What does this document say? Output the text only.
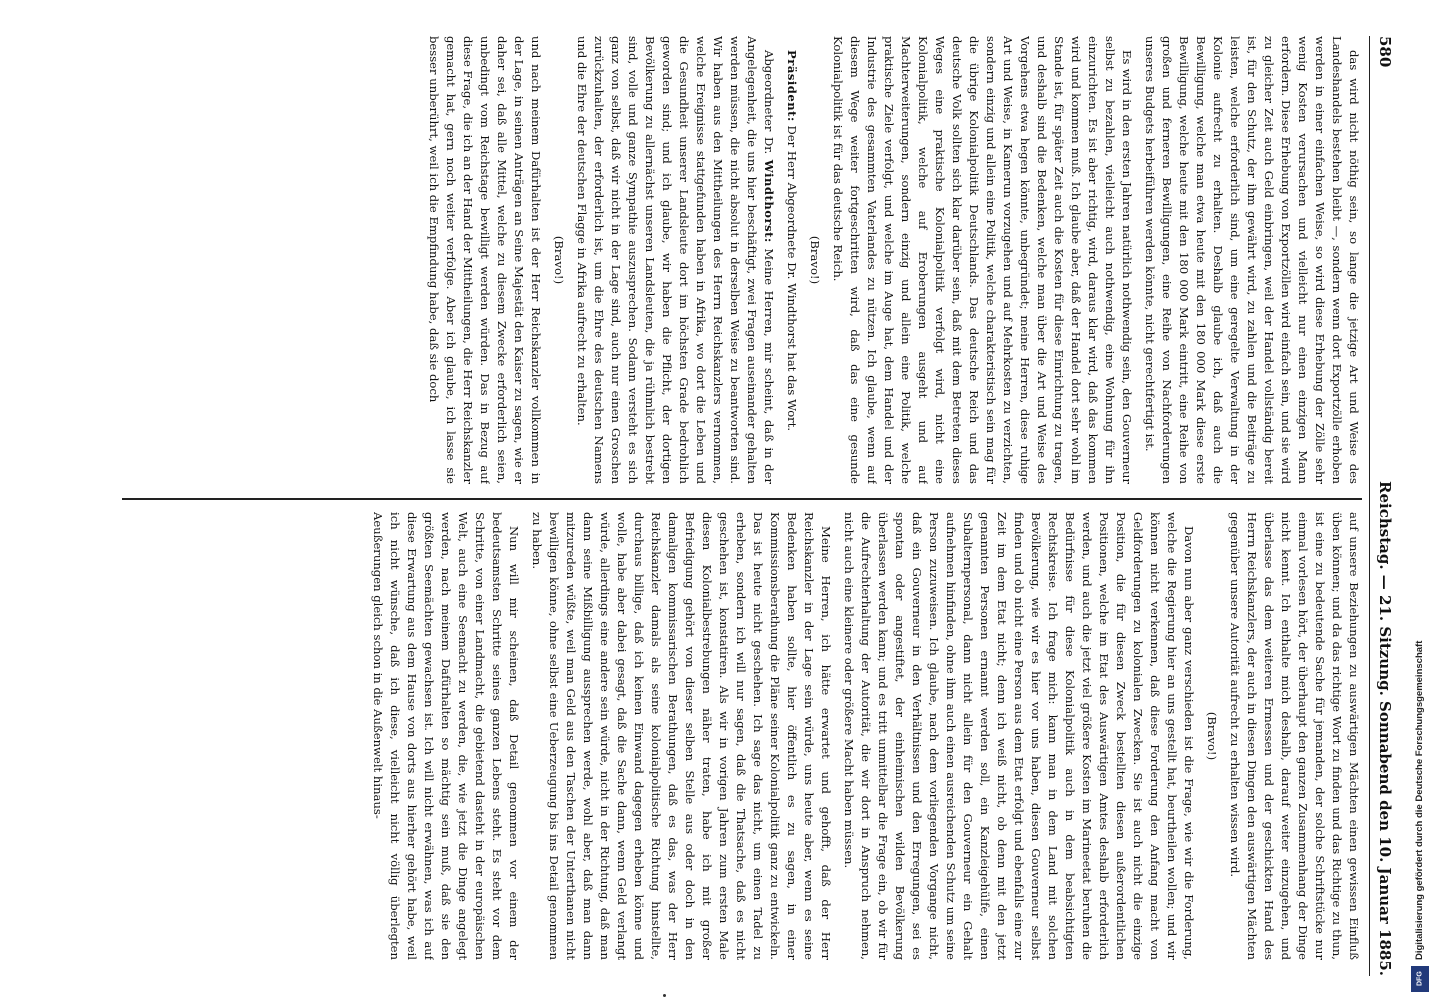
580
Reichstag. — 21. Sitzung. Sonnabend den 10. Januar 1885.

das wird nicht nöthig sein, so lange die jetzige Art und Weise des Landeshandels bestehen bleibt —, sondern wenn dort Exportzölle erhoben werden in einer einfachen Weise, so wird diese Erhebung der Zölle sehr wenig Kosten verursachen und vielleicht nur einen einzigen Mann erfordern. Diese Erhebung von Exportzöllen wird einfach sein, und sie wird zu gleicher Zeit auch Geld einbringen, weil der Handel vollständig bereit ist, für den Schutz, der ihm gewährt wird, zu zahlen und die Beiträge zu leisten, welche erforderlich sind, um eine geregelte Verwaltung in der Kolonie aufrecht zu erhalten. Deshalb glaube ich, daß auch die Bewilligung, welche man etwa heute mit den 180 000 Mark diese erste Bewilligung, welche heute mit den 180 000 Mark eintritt, eine Reihe von großen und ferneren Bewilligungen, eine Reihe von Nachforderungen unseres Budgets herbeiführen werden könnte, nicht gerechtfertigt ist.

Es wird in den ersten Jahren natürlich nothwendig sein, den Gouverneur selbst zu bezahlen, vielleicht auch nothwendig, eine Wohnung für ihn einzurichten. Es ist aber richtig, wird, daraus klar wird, daß das kommen wird und kommen muß. Ich glaube aber, daß der Handel dort sehr wohl im Stande ist, für später Zeit auch die Kosten für diese Einrichtung zu tragen, und deshalb sind die Bedenken, welche man über die Art und Weise des Vorgehens etwa hegen könnte, unbegründet; meine Herren, diese ruhige Art und Weise, in Kamerun vorzugehen und auf Mehrkosten zu verzichten, sondern einzig und allein eine Politik, welche charakteristisch sein mag für die übrige Kolonialpolitik Deutschlands. Das deutsche Reich und das deutsche Volk sollten sich klar darüber sein, daß mit dem Betreten dieses Weges eine praktische Kolonialpolitik verfolgt wird, nicht eine Kolonialpolitik, welche auf Eroberungen ausgeht und auf Machterweiterungen, sondern einzig und allein eine Politik, welche praktische Ziele verfolgt, und welche im Auge hat, dem Handel und der Industrie des gesammten Vaterlandes zu nützen. Ich glaube, wenn auf diesem Wege weiter fortgeschritten wird, daß das eine gesunde Kolonialpolitik ist für das deutsche Reich.

(Bravo!)

Präsident: Der Herr Abgeordnete Dr. Windthorst hat das Wort.

Abgeordneter Dr. Windthorst: Meine Herren, mir scheint, daß in der Angelegenheit, die uns hier beschäftigt, zwei Fragen auseinander gehalten werden müssen, die nicht absolut in derselben Weise zu beantworten sind. Wir haben aus den Mittheilungen des Herrn Reichskanzlers vernommen, welche Ereignisse stattgefunden haben in Afrika, wo dort die Leben und die Gesundheit unserer Landsleute dort im höchsten Grade bedrohlich geworden sind; und ich glaube, wir haben die Pflicht, der dortigen Bevölkerung zu allernächst unseren Landsleuten, die ja rühmlich bestrebt sind, volle und ganze Sympathie auszusprechen. Sodann versteht es sich ganz von selbst, daß wir nicht in der Lage sind, auch nur einen Groschen zurückzuhalten, der erforderlich ist, um die Ehre des deutschen Namens und die Ehre der deutschen Flagge in Afrika aufrecht zu erhalten.

(Bravo!)

und nach meinem Dafürhalten ist der Herr Reichskanzler vollkommen in der Lage, in seinen Anträgen an Seine Majestät den Kaiser zu sagen, wie er daher sei, daß alle Mittel, welche zu diesem Zwecke erforderlich seien, unbedingt vom Reichstage bewilligt werden würden. Das in Bezug auf diese Frage, die ich an der Hand der Mittheilungen, die Herr Reichskanzler gemacht hat, gern noch weiter verfolge. Aber ich glaube, ich lasse sie besser unberührt, weil ich die Empfindung habe, daß sie doch

auf unsere Beziehungen zu auswärtigen Mächten einen gewissen Einfluß üben können; und da das richtige Wort zu finden und das Richtige zu thun, ist eine zu bedeutende Sache für jemanden, der solche Schriftstücke nur einmal vorlesen hört, der überhaupt den ganzen Zusammenhang der Dinge nicht kennt. Ich enthalte mich deshalb, darauf weiter einzugehen, und überlasse das dem weiteren Ermessen und der geschickten Hand des Herrn Reichskanzlers, der auch in diesen Dingen den auswärtigen Mächten gegenüber unsere Autorität aufrecht zu erhalten wissen wird.

(Bravo!)

Davon nun aber ganz verschieden ist die Frage, wie wir die Forderung, welche die Regierung hier an uns gestellt hat, beurtheilen wollen; und wir können nicht verkennen, daß diese Forderung den Anfang macht von Geldforderungen zu kolonialen Zwecken. Sie ist auch nicht die einzige Position, die für diesen Zweck bestellten diesen außerordentlichen Positionen, welche im Etat des Auswärtigen Amtes deshalb erforderlich werden, und auch die jetzt viel größere Kosten im Marineetat beruhen die Bedürfnisse für diese Kolonialpolitik auch in dem beabsichtigten Rechtskreise. Ich frage mich: kann man in dem Land mit solchen Bevölkerung, wie wir es hier vor uns haben, diesen Gouverneur selbst finden und ob nicht eine Person aus dem Etat erfolgt und ebenfalls eine zur Zeit im dem Etat nicht; denn ich weiß nicht, ob denn mit den jetzt genannten Personen ernannt werden soll, ein Kanzleigehülfe, einen Subalternpersonal, dann nicht allein für den Gouverneur ein Gehalt aufnehmen hinfinden, ohne ihm auch einen ausreichenden Schutz um seine Person zuzuweisen. Ich glaube, nach dem vorliegenden Vorgange nicht, daß ein Gouverneur in den Verhältnissen und den Erregungen, sei es spontan oder angestiftet, der einheimischen wilden Bevölkerung überlassen werden kann; und es tritt unmittelbar die Frage ein, ob wir für die Aufrechterhaltung der Autorität, die wir dort in Anspruch nehmen, nicht auch eine kleinere oder größere Macht haben müssen.

Meine Herren, ich hätte erwartet und gehofft, daß der Herr Reichskanzler in der Lage sein würde, uns heute aber, wenn es seine Bedenken haben sollte, hier öffentlich es zu sagen, in einer Kommissionsberathung die Pläne seiner Kolonialpolitik ganz zu entwickeln. Das ist heute nicht geschehen. Ich sage das nicht, um einen Tadel zu erheben, sondern ich will nur sagen, daß die Thatsache, daß es nicht geschehen ist, konstatiren. Als wir in vorigen Jahren zum ersten Male diesen Kolonialbestrebungen näher traten, habe ich mit großer Befriedigung gehört von dieser selben Stelle aus oder doch in den damaligen kommissarischen Berathungen, daß es das, was der Herr Reichskanzler damals als seine kolonialpolitische Richtung hinstellte, durchaus billige, daß ich keinen Einwand dagegen erheben könne und wolle, habe aber dabei gesagt, daß die Sache dann, wenn Geld verlangt würde, allerdings eine andere sein würde, nicht in der Richtung, daß man dann seine Mißbilligung aussprechen werde, wohl aber, daß man dann mitzureden wüßte, weil man Geld aus den Taschen der Unterthanen nicht bewilligen könne, ohne selbst eine Ueberzeugung bis ins Detail genommen zu haben.

Nun will mir scheinen, daß Detail genommen vor einem der bedeutsamsten Schritte seines ganzen Lebens steht. Es steht vor dem Schritte, von einer Landmacht, die gebietend dasteht in der europäischen Welt, auch eine Seemacht zu werden, die, wie jetzt die Dinge angelegt werden, nach meinem Dafürhalten so mächtig sein muß, daß sie den größten Seemächten gewachsen ist. Ich will nicht erwähnen, was ich auf diese Erwartung aus dem Hause von dorts aus hierher gehört habe, weil ich nicht wünsche, daß ich diese, vielleicht nicht völlig überlegten Aeußerungen gleich schon in die Außenwelt hinaus-	Digitalisierung gefördert durch die Deutsche Forschungsgemeinschaft
DFG
